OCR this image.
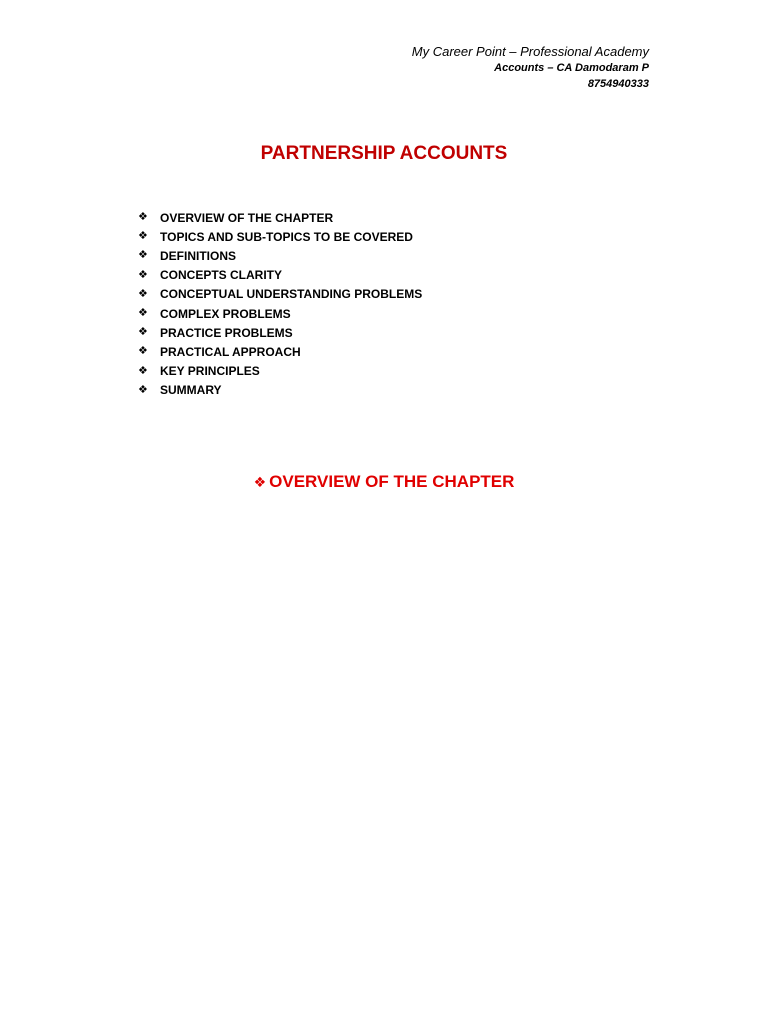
My Career Point – Professional Academy
Accounts – CA Damodaram P
8754940333
PARTNERSHIP ACCOUNTS
❖	OVERVIEW OF THE CHAPTER
❖	TOPICS AND SUB-TOPICS TO BE COVERED
❖	DEFINITIONS
❖	CONCEPTS CLARITY
❖	CONCEPTUAL UNDERSTANDING PROBLEMS
❖	COMPLEX PROBLEMS
❖	PRACTICE PROBLEMS
❖	PRACTICAL APPROACH
❖	KEY PRINCIPLES
❖	SUMMARY
❖ OVERVIEW OF THE CHAPTER
